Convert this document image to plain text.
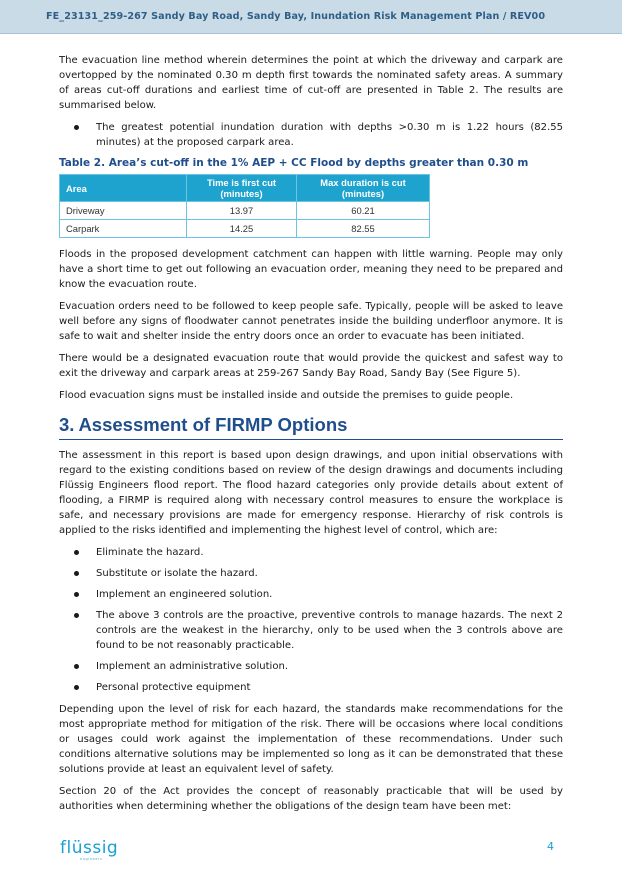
FE_23131_259-267 Sandy Bay Road, Sandy Bay, Inundation Risk Management Plan / REV00

The evacuation line method wherein determines the point at which the driveway and carpark are overtopped by the nominated 0.30 m depth first towards the nominated safety areas. A summary of areas cut-off durations and earliest time of cut-off are presented in Table 2. The results are summarised below.

The greatest potential inundation duration with depths >0.30 m is 1.22 hours (82.55 minutes) at the proposed carpark area.
Table 2. Area’s cut-off in the 1% AEP + CC Flood by depths greater than 0.30 m
Area	Time is first cut (minutes)	Max duration is cut (minutes)
Driveway	13.97	60.21
Carpark	14.25	82.55

Floods in the proposed development catchment can happen with little warning. People may only have a short time to get out following an evacuation order, meaning they need to be prepared and know the evacuation route.

Evacuation orders need to be followed to keep people safe. Typically, people will be asked to leave well before any signs of floodwater cannot penetrates inside the building underfloor anymore. It is safe to wait and shelter inside the entry doors once an order to evacuate has been initiated.

There would be a designated evacuation route that would provide the quickest and safest way to exit the driveway and carpark areas at 259-267 Sandy Bay Road, Sandy Bay (See Figure 5).

Flood evacuation signs must be installed inside and outside the premises to guide people.

3. Assessment of FIRMP Options

The assessment in this report is based upon design drawings, and upon initial observations with regard to the existing conditions based on review of the design drawings and documents including Flüssig Engineers flood report. The flood hazard categories only provide details about extent of flooding, a FIRMP is required along with necessary control measures to ensure the workplace is safe, and necessary provisions are made for emergency response. Hierarchy of risk controls is applied to the risks identified and implementing the highest level of control, which are:

Eliminate the hazard.
Substitute or isolate the hazard.
Implement an engineered solution.
The above 3 controls are the proactive, preventive controls to manage hazards. The next 2 controls are the weakest in the hierarchy, only to be used when the 3 controls above are found to be not reasonably practicable.
Implement an administrative solution.
Personal protective equipment

Depending upon the level of risk for each hazard, the standards make recommendations for the most appropriate method for mitigation of the risk. There will be occasions where local conditions or usages could work against the implementation of these recommendations. Under such conditions alternative solutions may be implemented so long as it can be demonstrated that these solutions provide at least an equivalent level of safety.

Section 20 of the Act provides the concept of reasonably practicable that will be used by authorities when determining whether the obligations of the design team have been met:

flüssig
engineers
4
